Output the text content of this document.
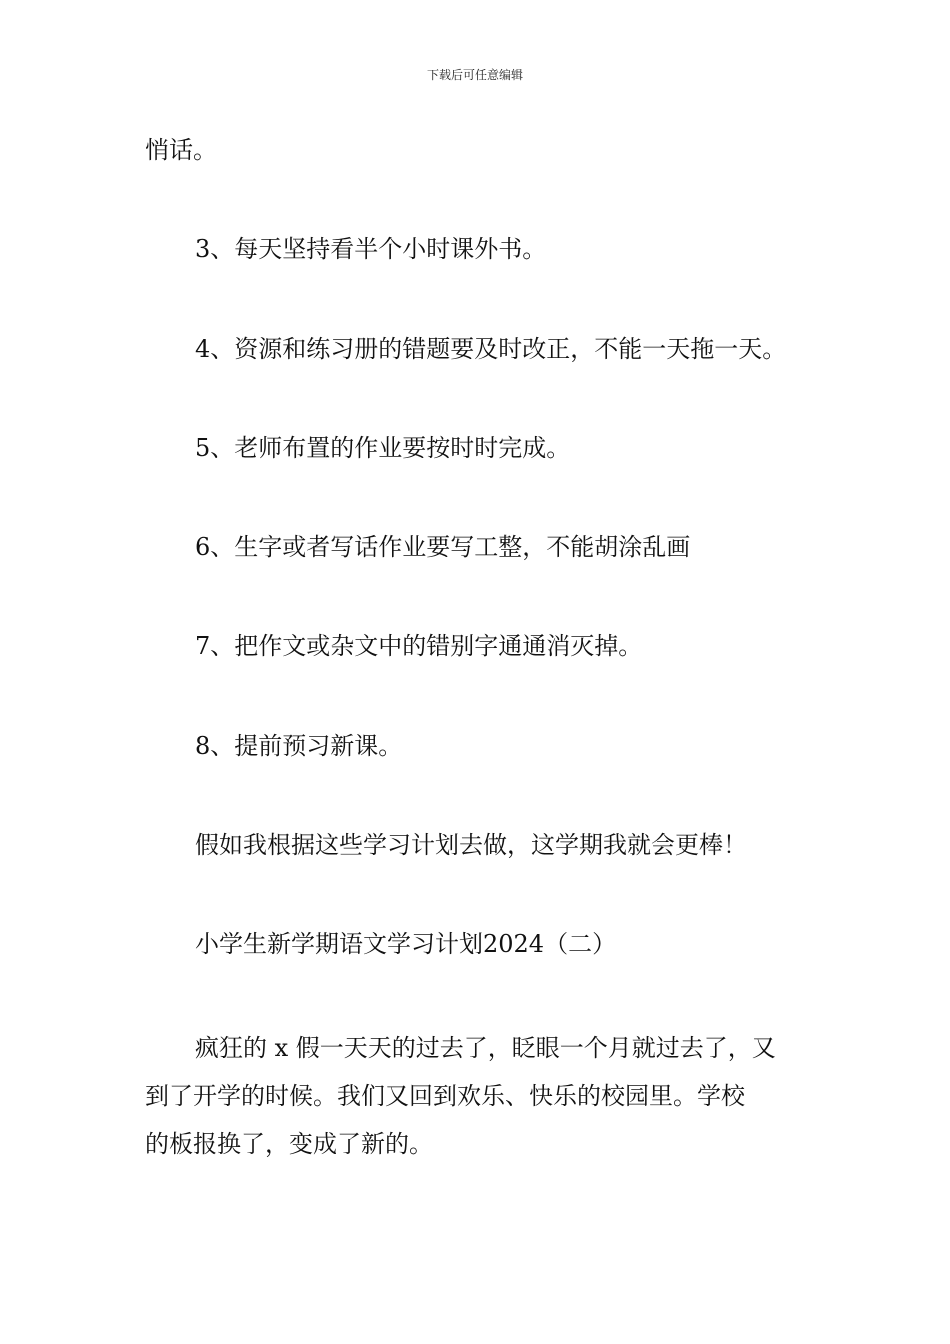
下载后可任意编辑
悄话。
3、每天坚持看半个小时课外书。
4、资源和练习册的错题要及时改正，不能一天拖一天。
5、老师布置的作业要按时时完成。
6、生字或者写话作业要写工整，不能胡涂乱画
7、把作文或杂文中的错别字通通消灭掉。
8、提前预习新课。
假如我根据这些学习计划去做，这学期我就会更棒！
小学生新学期语文学习计划2024（二）
疯狂的 x 假一天天的过去了，眨眼一个月就过去了，又
到了开学的时候。我们又回到欢乐、快乐的校园里。学校
的板报换了，变成了新的。
